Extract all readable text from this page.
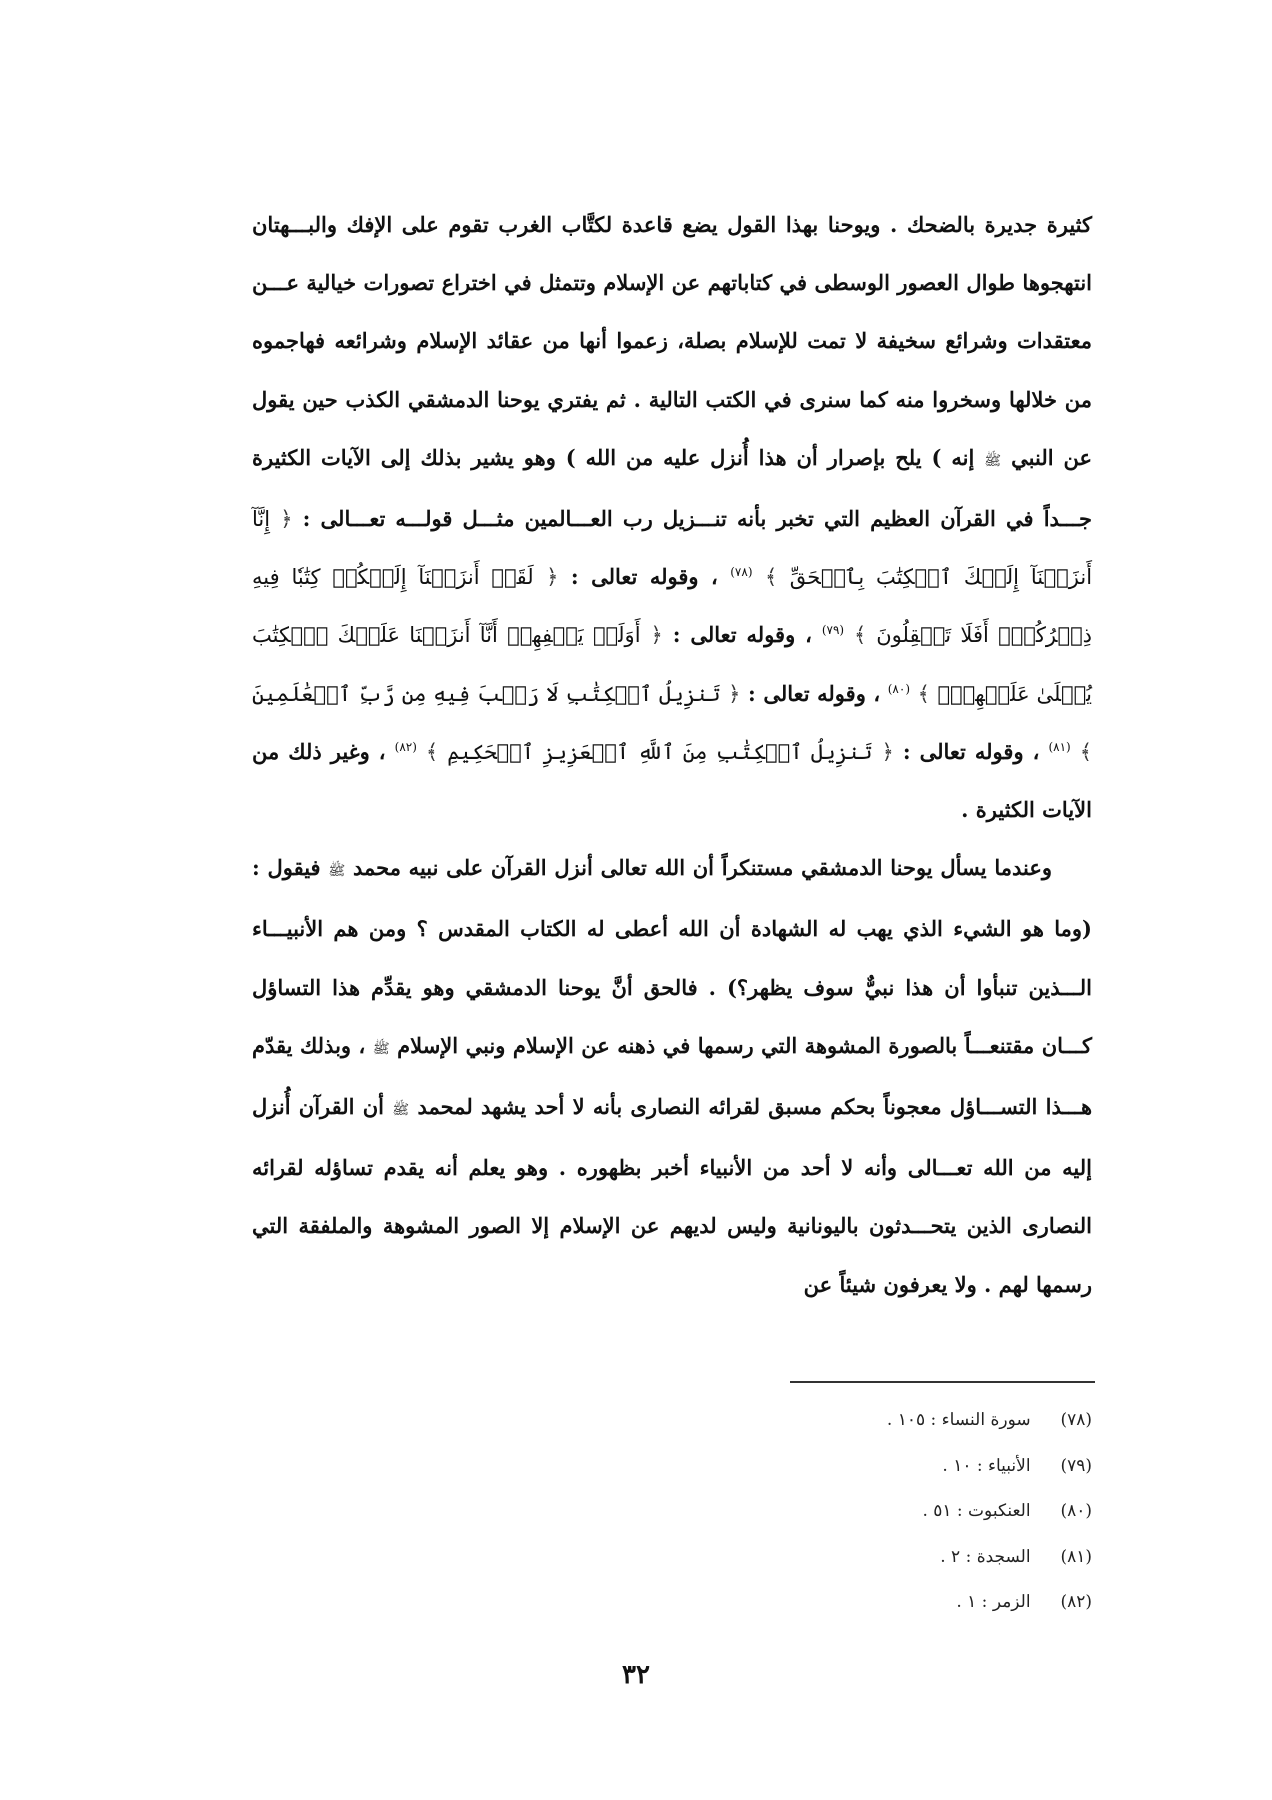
كثيرة جديرة بالضحك . ويوحنا بهذا القول يضع قاعدة لكتَّاب الغرب تقوم على الإفك والبـــهتان انتهجوها طوال العصور الوسطى في كتاباتهم عن الإسلام وتتمثل في اختراع تصورات خيالية عـــن معتقدات وشرائع سخيفة لا تمت للإسلام بصلة، زعموا أنها من عقائد الإسلام وشرائعه فهاجموه من خلالها وسخروا منه كما سنرى في الكتب التالية . ثم يفتري يوحنا الدمشقي الكذب حين يقول عن النبي ﷺ إنه ) يلح بإصرار أن هذا أُنزل عليه من الله ) وهو يشير بذلك إلى الآيات الكثيرة جـــداً في القرآن العظيم التي تخبر بأنه تنـــزيل رب العـــالمين مثـــل قولـــه تعـــالى : ﴿ إِنَّآ أَنزَلۡنَآ إِلَيۡكَ ٱلۡكِتَٰبَ بِٱلۡحَقِّ ﴾ $^{(٧٨)}$ ، وقوله تعالى : ﴿ لَقَدۡ أَنزَلۡنَآ إِلَيۡكُمۡ كِتَٰبٗا فِيهِ ذِكۡرُكُمۡۚ أَفَلَا تَعۡقِلُونَ ﴾ $^{(٧٩)}$ ، وقوله تعالى : ﴿ أَوَلَمۡ يَكۡفِهِمۡ أَنَّآ أَنزَلۡنَا عَلَيۡكَ ٱلۡكِتَٰبَ يُتۡلَىٰ عَلَيۡهِمۡۚ ﴾ $^{(٨٠)}$ ، وقوله تعالى : ﴿ تَنزِيلُ ٱلۡكِتَٰبِ لَا رَيۡبَ فِيهِ مِن رَّبِّ ٱلۡعَٰلَمِينَ ﴾ $^{(٨١)}$ ، وقوله تعالى : ﴿ تَنزِيلُ ٱلۡكِتَٰبِ مِنَ ٱللَّهِ ٱلۡعَزِيزِ ٱلۡحَكِيمِ ﴾ $^{(٨٢)}$ ، وغير ذلك من الآيات الكثيرة .

وعندما يسأل يوحنا الدمشقي مستنكراً أن الله تعالى أنزل القرآن على نبيه محمد ﷺ فيقول : (وما هو الشيء الذي يهب له الشهادة أن الله أعطى له الكتاب المقدس ؟ ومن هم الأنبيـــاء الـــذين تنبأوا أن هذا نبيٌّ سوف يظهر؟) . فالحق أنَّ يوحنا الدمشقي وهو يقدِّم هذا التساؤل كـــان مقتنعـــاً بالصورة المشوهة التي رسمها في ذهنه عن الإسلام ونبي الإسلام ﷺ ، وبذلك يقدّم هـــذا التســـاؤل معجوناً بحكم مسبق لقرائه النصارى بأنه لا أحد يشهد لمحمد ﷺ أن القرآن أُنزل إليه من الله تعـــالى وأنه لا أحد من الأنبياء أخبر بظهوره . وهو يعلم أنه يقدم تساؤله لقرائه النصارى الذين يتحـــدثون باليونانية وليس لديهم عن الإسلام إلا الصور المشوهة والملفقة التي رسمها لهم . ولا يعرفون شيئاً عن

(٧٨) سورة النساء : ١٠٥ .
(٧٩) الأنبياء : ١٠ .
(٨٠) العنكبوت : ٥١ .
(٨١) السجدة : ٢ .
(٨٢) الزمر : ١ .
٣٢
